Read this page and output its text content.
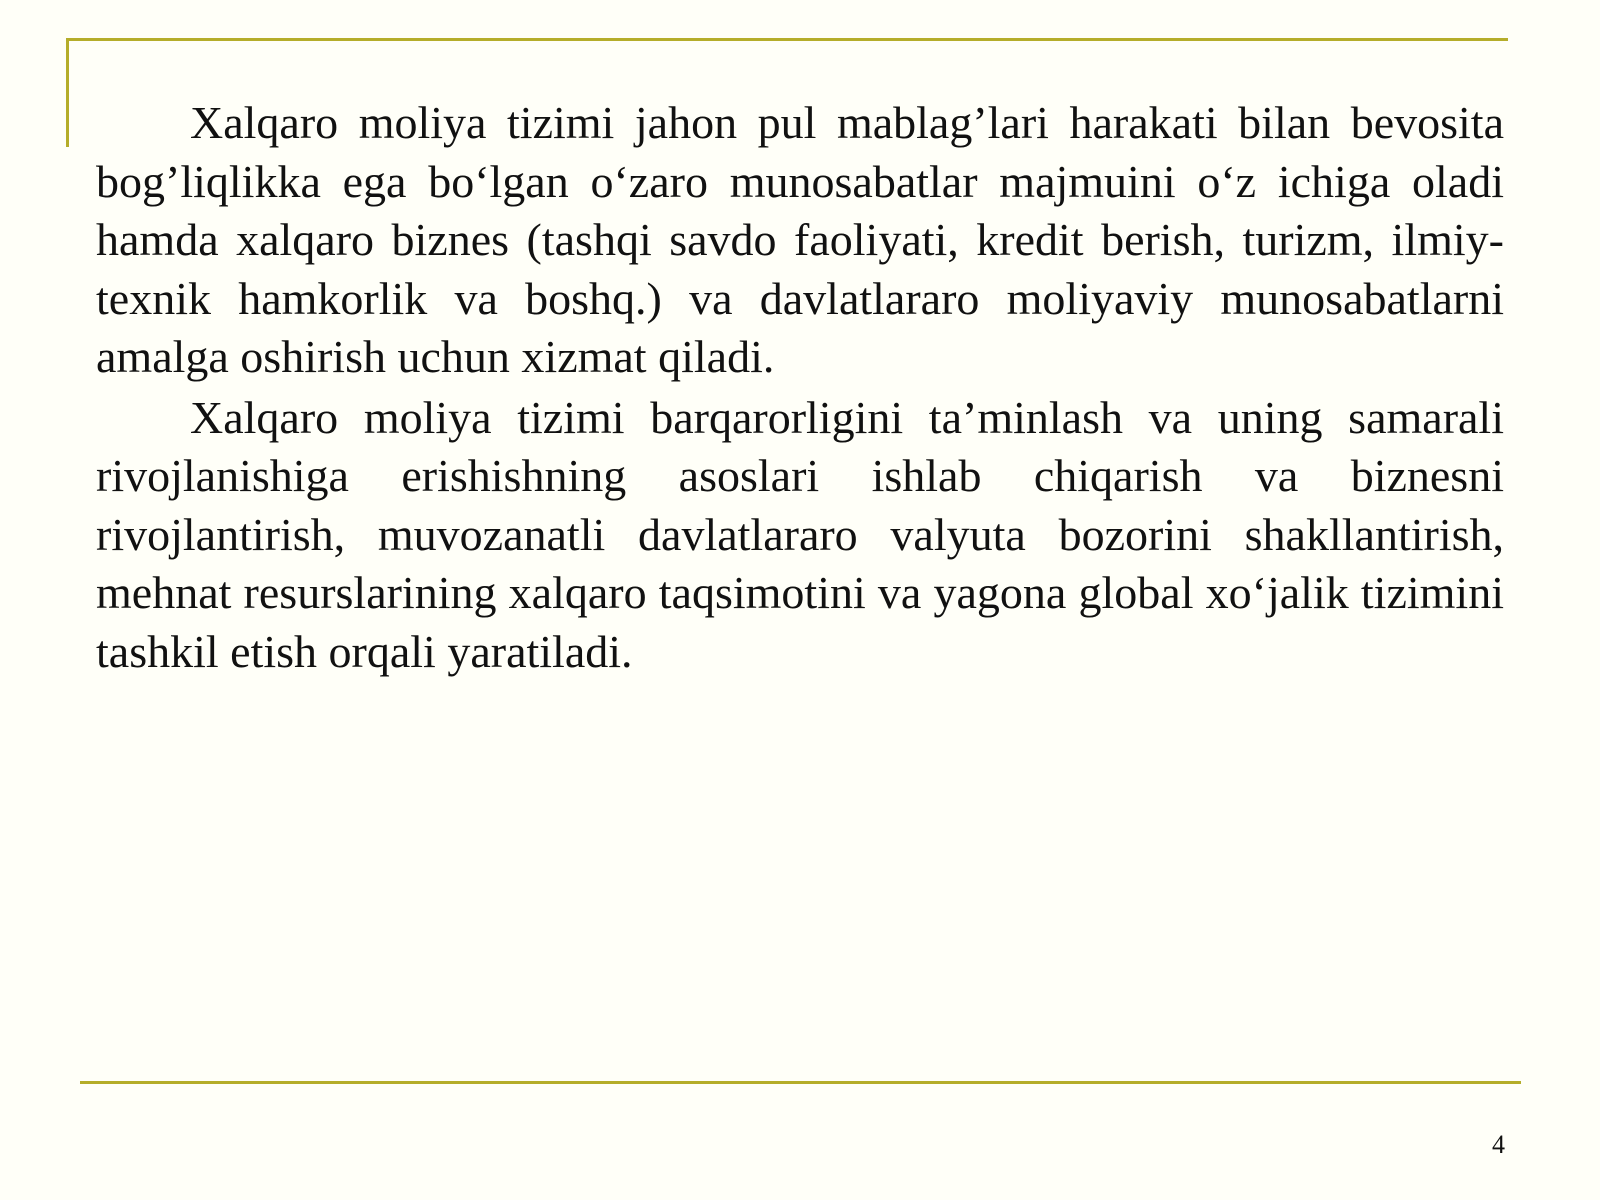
Xalqaro moliya tizimi jahon pul mablag’lari harakati bilan bevosita bog’liqlikka ega bo‘lgan o‘zaro munosabatlar majmuini o‘z ichiga oladi hamda xalqaro biznes (tashqi savdo faoliyati, kredit berish, turizm, ilmiy-texnik hamkorlik va boshq.) va davlatlararo moliyaviy munosabatlarni amalga oshirish uchun xizmat qiladi.

Xalqaro moliya tizimi barqarorligini ta’minlash va uning samarali rivojlanishiga erishishning asoslari ishlab chiqarish va biznesni rivojlantirish, muvozanatli davlatlararo valyuta bozorini shakllantirish, mehnat resurslarining xalqaro taqsimotini va yagona global xo‘jalik tizimini tashkil etish orqali yaratiladi.

4
